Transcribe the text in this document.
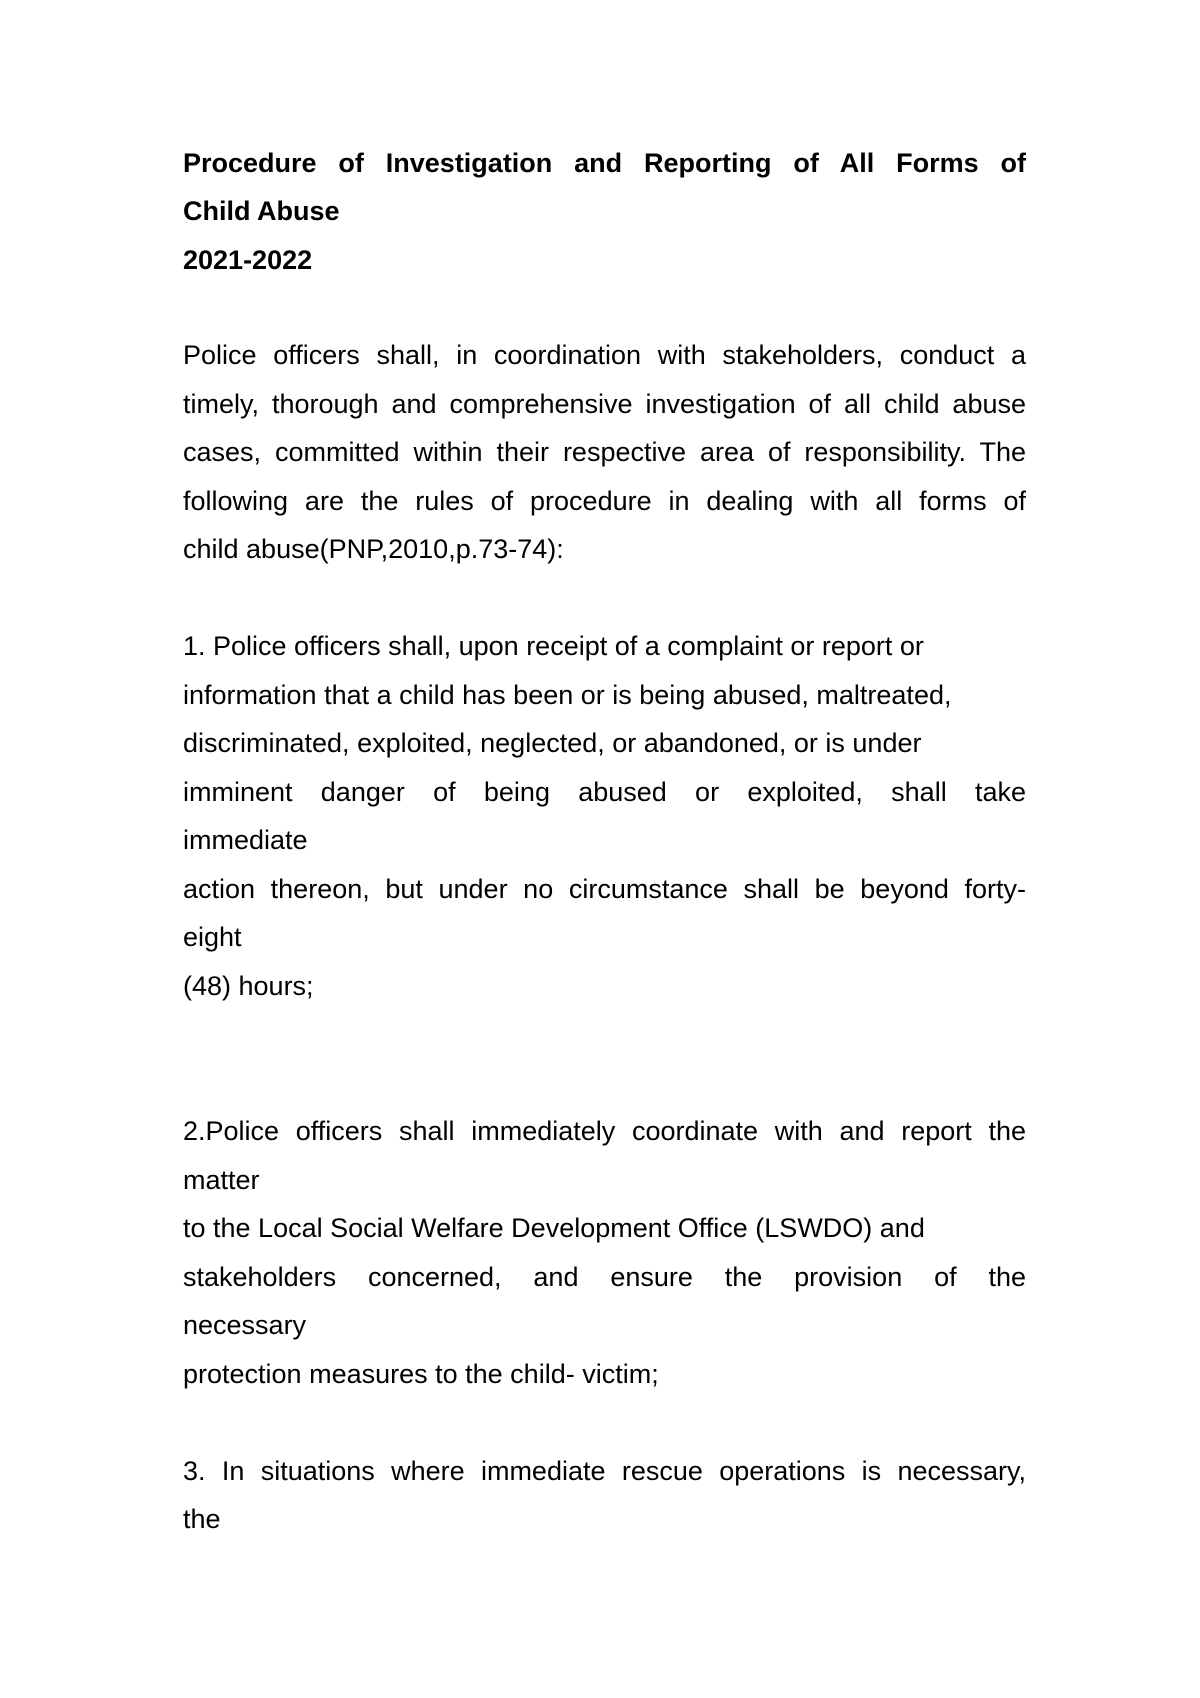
Procedure of Investigation and Reporting of All Forms of
Child Abuse
2021-2022
Police officers shall, in coordination with stakeholders, conduct a
timely, thorough and comprehensive investigation of all child abuse
cases, committed within their respective area of responsibility. The
following are the rules of procedure in dealing with all forms of
child abuse(PNP,2010,p.73-74):
1. Police officers shall, upon receipt of a complaint or report or
information that a child has been or is being abused, maltreated,
discriminated, exploited, neglected, or abandoned, or is under
imminent danger of being abused or exploited, shall take
immediate
action thereon, but under no circumstance shall be beyond forty-
eight
(48) hours;
2.Police officers shall immediately coordinate with and report the
matter
to the Local Social Welfare Development Office (LSWDO) and
stakeholders concerned, and ensure the provision of the
necessary
protection measures to the child- victim;
3. In situations where immediate rescue operations is necessary,
the
